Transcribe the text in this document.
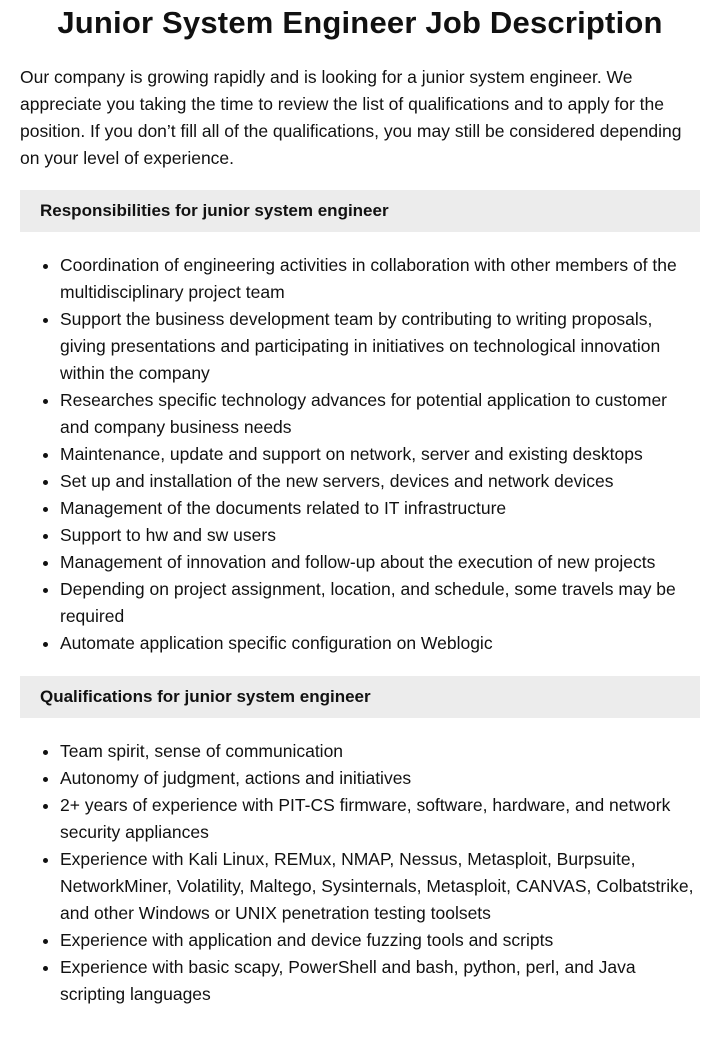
Junior System Engineer Job Description

Our company is growing rapidly and is looking for a junior system engineer. We appreciate you taking the time to review the list of qualifications and to apply for the position. If you don’t fill all of the qualifications, you may still be considered depending on your level of experience.

Responsibilities for junior system engineer
• Coordination of engineering activities in collaboration with other members of the multidisciplinary project team
• Support the business development team by contributing to writing proposals, giving presentations and participating in initiatives on technological innovation within the company
• Researches specific technology advances for potential application to customer and company business needs
• Maintenance, update and support on network, server and existing desktops
• Set up and installation of the new servers, devices and network devices
• Management of the documents related to IT infrastructure
• Support to hw and sw users
• Management of innovation and follow-up about the execution of new projects
• Depending on project assignment, location, and schedule, some travels may be required
• Automate application specific configuration on Weblogic
Qualifications for junior system engineer
• Team spirit, sense of communication
• Autonomy of judgment, actions and initiatives
• 2+ years of experience with PIT-CS firmware, software, hardware, and network security appliances
• Experience with Kali Linux, REMux, NMAP, Nessus, Metasploit, Burpsuite, NetworkMiner, Volatility, Maltego, Sysinternals, Metasploit, CANVAS, Colbatstrike, and other Windows or UNIX penetration testing toolsets
• Experience with application and device fuzzing tools and scripts
• Experience with basic scapy, PowerShell and bash, python, perl, and Java scripting languages
